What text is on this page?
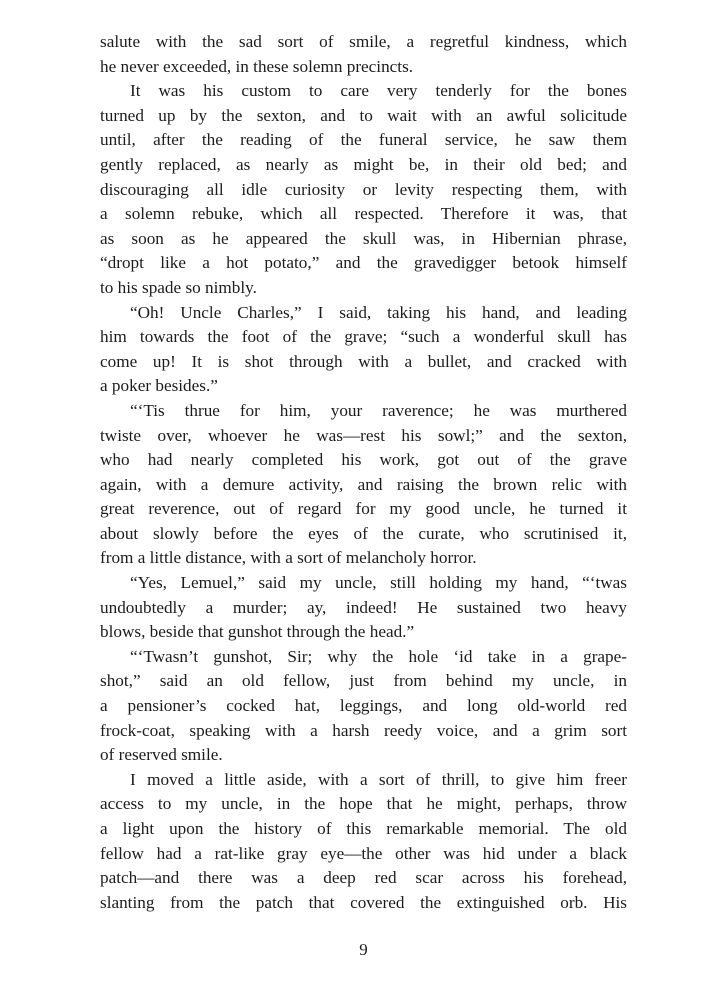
salute with the sad sort of smile, a regretful kindness, which
he never exceeded, in these solemn precincts.
It was his custom to care very tenderly for the bones
turned up by the sexton, and to wait with an awful solicitude
until, after the reading of the funeral service, he saw them
gently replaced, as nearly as might be, in their old bed; and
discouraging all idle curiosity or levity respecting them, with
a solemn rebuke, which all respected. Therefore it was, that
as soon as he appeared the skull was, in Hibernian phrase,
“dropt like a hot potato,” and the gravedigger betook himself
to his spade so nimbly.
“Oh! Uncle Charles,” I said, taking his hand, and leading
him towards the foot of the grave; “such a wonderful skull has
come up! It is shot through with a bullet, and cracked with
a poker besides.”
“‘Tis thrue for him, your raverence; he was murthered
twiste over, whoever he was—rest his sowl;” and the sexton,
who had nearly completed his work, got out of the grave
again, with a demure activity, and raising the brown relic with
great reverence, out of regard for my good uncle, he turned it
about slowly before the eyes of the curate, who scrutinised it,
from a little distance, with a sort of melancholy horror.
“Yes, Lemuel,” said my uncle, still holding my hand, “‘twas
undoubtedly a murder; ay, indeed! He sustained two heavy
blows, beside that gunshot through the head.”
“‘Twasn’t gunshot, Sir; why the hole ‘id take in a grape-
shot,” said an old fellow, just from behind my uncle, in
a pensioner’s cocked hat, leggings, and long old-world red
frock-coat, speaking with a harsh reedy voice, and a grim sort
of reserved smile.
I moved a little aside, with a sort of thrill, to give him freer
access to my uncle, in the hope that he might, perhaps, throw
a light upon the history of this remarkable memorial. The old
fellow had a rat-like gray eye—the other was hid under a black
patch—and there was a deep red scar across his forehead,
slanting from the patch that covered the extinguished orb. His
9
